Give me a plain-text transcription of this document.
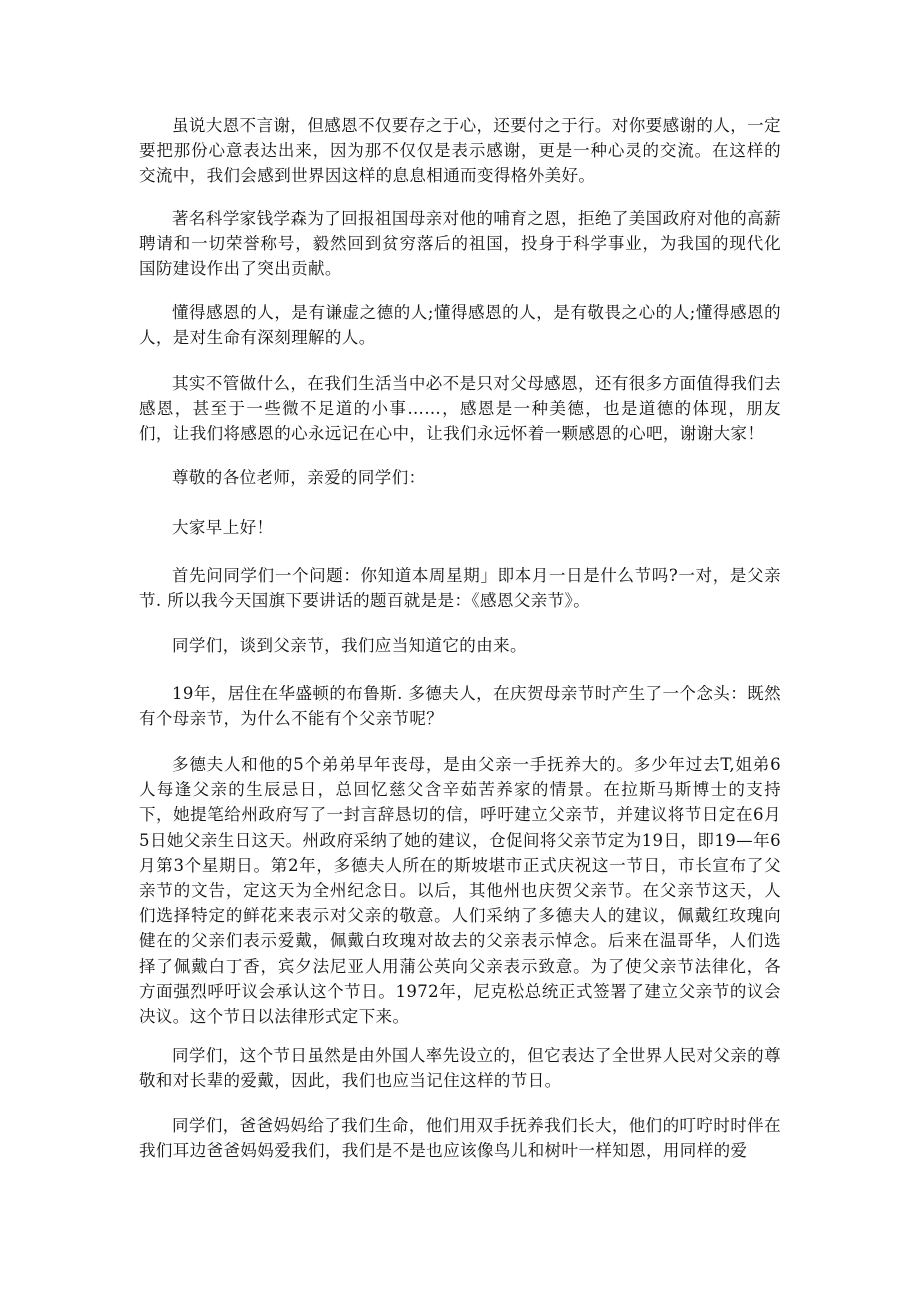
虽说大恩不言谢，但感恩不仅要存之于心，还要付之于行。对你要感谢的人，一定要把那份心意表达出来，因为那不仅仅是表示感谢，更是一种心灵的交流。在这样的交流中，我们会感到世界因这样的息息相通而变得格外美好。

著名科学家钱学森为了回报祖国母亲对他的哺育之恩，拒绝了美国政府对他的高薪聘请和一切荣誉称号，毅然回到贫穷落后的祖国，投身于科学事业，为我国的现代化国防建设作出了突出贡献。

懂得感恩的人，是有谦虚之德的人;懂得感恩的人，是有敬畏之心的人;懂得感恩的人，是对生命有深刻理解的人。

其实不管做什么，在我们生活当中必不是只对父母感恩，还有很多方面值得我们去感恩，甚至于一些微不足道的小事……，感恩是一种美德，也是道德的体现，朋友们，让我们将感恩的心永远记在心中，让我们永远怀着一颗感恩的心吧，谢谢大家！

尊敬的各位老师，亲爱的同学们：

大家早上好！

首先问同学们一个问题：你知道本周星期」即本月一日是什么节吗?一对，是父亲节. 所以我今天国旗下要讲话的题百就是是：《感恩父亲节》。

同学们，谈到父亲节，我们应当知道它的由来。

19年，居住在华盛顿的布鲁斯. 多德夫人，在庆贺母亲节时产生了一个念头：既然有个母亲节，为什么不能有个父亲节呢？

多德夫人和他的5个弟弟早年丧母，是由父亲一手抚养大的。多少年过去T,姐弟6人每逢父亲的生辰忌日，总回忆慈父含辛茹苦养家的情景。在拉斯马斯博士的支持下，她提笔给州政府写了一封言辞恳切的信，呼吁建立父亲节，并建议将节日定在6月5日她父亲生日这天。州政府采纳了她的建议，仓促间将父亲节定为19日，即19—年6月第3个星期日。第2年，多德夫人所在的斯坡堪市正式庆祝这一节日，市长宣布了父亲节的文告，定这天为全州纪念日。以后，其他州也庆贺父亲节。在父亲节这天，人们选择特定的鲜花来表示对父亲的敬意。人们采纳了多德夫人的建议，佩戴红玫瑰向健在的父亲们表示爱戴，佩戴白玫瑰对故去的父亲表示悼念。后来在温哥华，人们选择了佩戴白丁香，宾夕法尼亚人用蒲公英向父亲表示致意。为了使父亲节法律化，各方面强烈呼吁议会承认这个节日。1972年，尼克松总统正式签署了建立父亲节的议会决议。这个节日以法律形式定下来。

同学们，这个节日虽然是由外国人率先设立的，但它表达了全世界人民对父亲的尊敬和对长辈的爱戴，因此，我们也应当记住这样的节日。

同学们，爸爸妈妈给了我们生命，他们用双手抚养我们长大，他们的叮咛时时伴在我们耳边爸爸妈妈爱我们，我们是不是也应该像鸟儿和树叶一样知恩，用同样的爱
